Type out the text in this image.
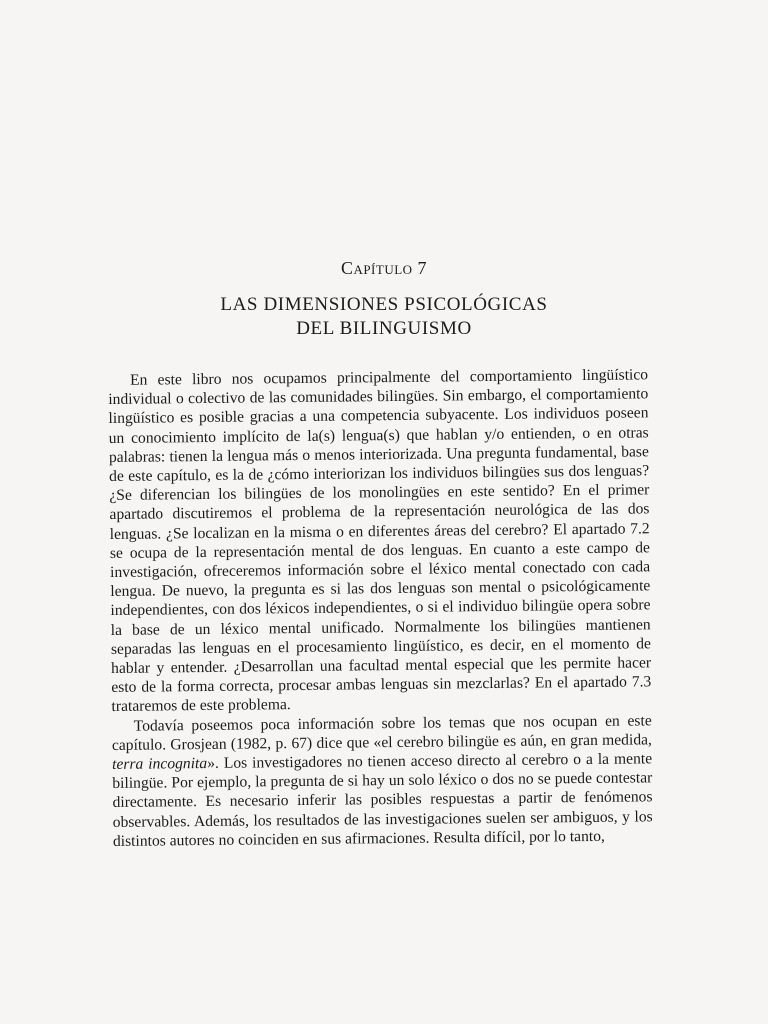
Capítulo 7
LAS DIMENSIONES PSICOLÓGICAS
DEL BILINGUISMO

En este libro nos ocupamos principalmente del comportamiento lingüístico individual o colectivo de las comunidades bilingües. Sin embargo, el comportamiento lingüístico es posible gracias a una competencia subyacente. Los individuos poseen un conocimiento implícito de la(s) lengua(s) que hablan y/o entienden, o en otras palabras: tienen la lengua más o menos interiorizada. Una pregunta fundamental, base de este capítulo, es la de ¿cómo interiorizan los individuos bilingües sus dos lenguas? ¿Se diferencian los bilingües de los monolingües en este sentido? En el primer apartado discutiremos el problema de la representación neurológica de las dos lenguas. ¿Se localizan en la misma o en diferentes áreas del cerebro? El apartado 7.2 se ocupa de la representación mental de dos lenguas. En cuanto a este campo de investigación, ofreceremos información sobre el léxico mental conectado con cada lengua. De nuevo, la pregunta es si las dos lenguas son mental o psicológicamente independientes, con dos léxicos independientes, o si el individuo bilingüe opera sobre la base de un léxico mental unificado. Normalmente los bilingües mantienen separadas las lenguas en el procesamiento lingüístico, es decir, en el momento de hablar y entender. ¿Desarrollan una facultad mental especial que les permite hacer esto de la forma correcta, procesar ambas lenguas sin mezclarlas? En el apartado 7.3 trataremos de este problema.

Todavía poseemos poca información sobre los temas que nos ocupan en este capítulo. Grosjean (1982, p. 67) dice que «el cerebro bilingüe es aún, en gran medida, terra incognita». Los investigadores no tienen acceso directo al cerebro o a la mente bilingüe. Por ejemplo, la pregunta de si hay un solo léxico o dos no se puede contestar directamente. Es necesario inferir las posibles respuestas a partir de fenómenos observables. Además, los resultados de las investigaciones suelen ser ambiguos, y los distintos autores no coinciden en sus afirmaciones. Resulta difícil, por lo tanto,
